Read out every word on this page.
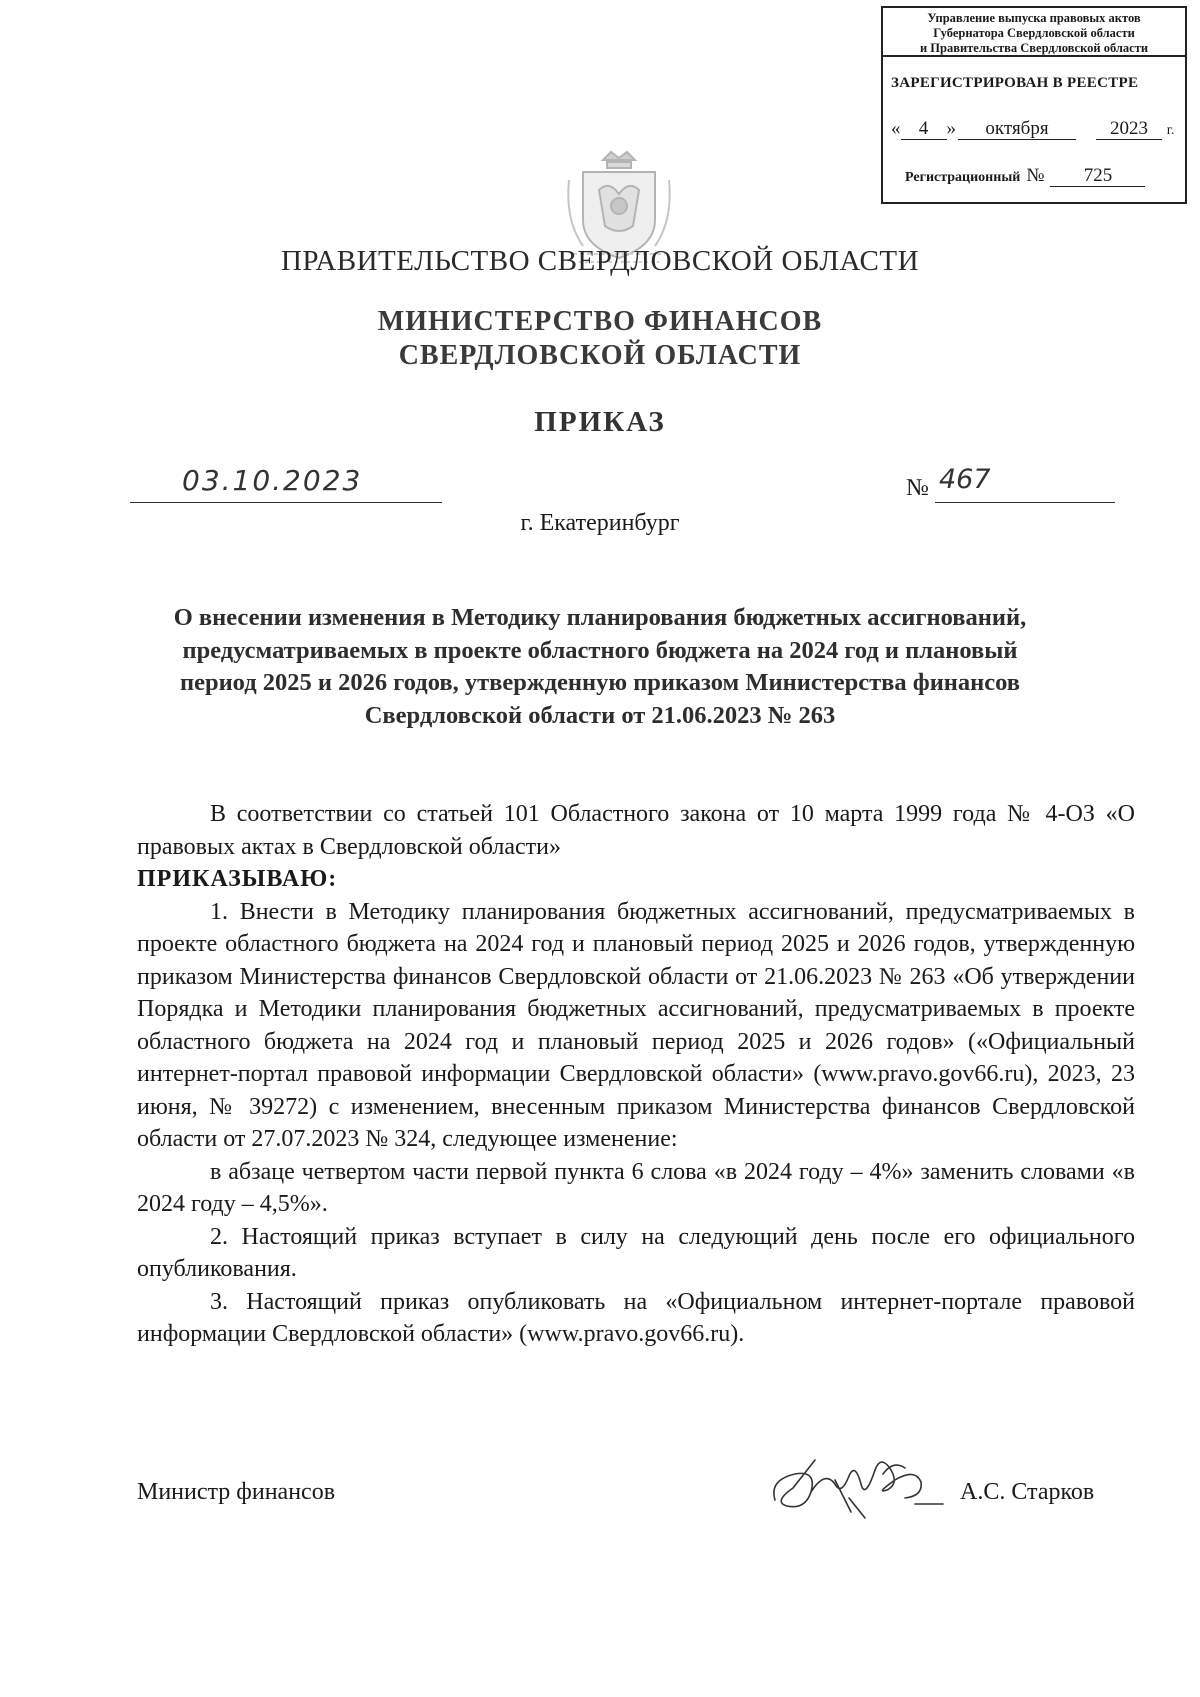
Управление выпуска правовых актов
Губернатора Свердловской области
и Правительства Свердловской области
ЗАРЕГИСТРИРОВАН В РЕЕСТРЕ
« 4 » октября	2023 г.
Регистрационный № 725
ПРАВИТЕЛЬСТВО СВЕРДЛОВСКОЙ ОБЛАСТИ
МИНИСТЕРСТВО ФИНАНСОВ
СВЕРДЛОВСКОЙ ОБЛАСТИ
ПРИКАЗ
03.10.2023	№ 467
г. Екатеринбург
О внесении изменения в Методику планирования бюджетных ассигнований,
предусматриваемых в проекте областного бюджета на 2024 год и плановый
период 2025 и 2026 годов, утвержденную приказом Министерства финансов
Свердловской области от 21.06.2023 № 263

В соответствии со статьей 101 Областного закона от 10 марта 1999 года № 4-ОЗ «О правовых актах в Свердловской области»

ПРИКАЗЫВАЮ:

1. Внести в Методику планирования бюджетных ассигнований, предусматриваемых в проекте областного бюджета на 2024 год и плановый период 2025 и 2026 годов, утвержденную приказом Министерства финансов Свердловской области от 21.06.2023 № 263 «Об утверждении Порядка и Методики планирования бюджетных ассигнований, предусматриваемых в проекте областного бюджета на 2024 год и плановый период 2025 и 2026 годов» («Официальный интернет-портал правовой информации Свердловской области» (www.pravo.gov66.ru), 2023, 23 июня, № 39272) с изменением, внесенным приказом Министерства финансов Свердловской области от 27.07.2023 № 324, следующее изменение:

в абзаце четвертом части первой пункта 6 слова «в 2024 году – 4%» заменить словами «в 2024 году – 4,5%».

2. Настоящий приказ вступает в силу на следующий день после его официального опубликования.

3. Настоящий приказ опубликовать на «Официальном интернет-портале правовой информации Свердловской области» (www.pravo.gov66.ru).

Министр финансов	А.С. Старков
